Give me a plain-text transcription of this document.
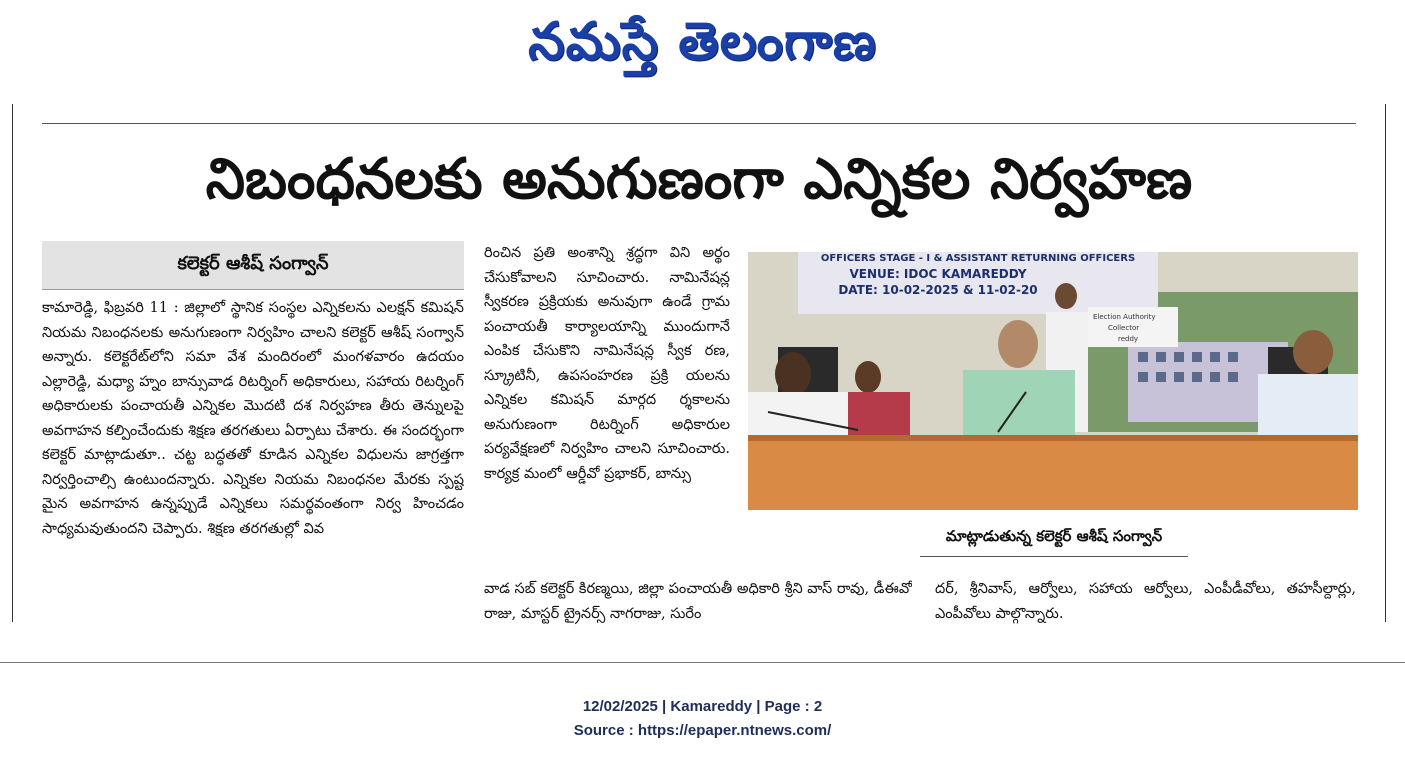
నమస్తే తెలంగాణ
నిబంధనలకు అనుగుణంగా ఎన్నికల నిర్వహణ
కలెక్టర్ ఆశీష్ సంగ్వాన్
కామారెడ్డి, ఫిబ్రవరి 11 : జిల్లాలో స్థానిక సంస్థల ఎన్నికలను ఎలక్షన్ కమిషన్ నియమ నిబంధనలకు అనుగుణంగా నిర్వహిం చాలని కలెక్టర్ ఆశీష్ సంగ్వాన్ అన్నారు. కలెక్టరేట్‌లోని సమా వేశ మందిరంలో మంగళవారం ఉదయం ఎల్లారెడ్డి, మధ్యా హ్నం బాన్సువాడ రిటర్నింగ్ అధికారులు, సహాయ రిటర్నింగ్ అధికారులకు పంచాయతీ ఎన్నికల మొదటి దశ నిర్వహణ తీరు తెన్నులపై అవగాహన కల్పించేందుకు శిక్షణ తరగతులు ఏర్పాటు చేశారు. ఈ సందర్భంగా కలెక్టర్ మాట్లాడుతూ.. చట్ట బద్ధతతో కూడిన ఎన్నికల విధులను జాగ్రత్తగా నిర్వర్తించాల్సి ఉంటుందన్నారు. ఎన్నికల నియమ నిబంధనల మేరకు స్పష్ట మైన అవగాహన ఉన్నప్పుడే ఎన్నికలు సమర్థవంతంగా నిర్వ హించడం సాధ్యమవుతుందని చెప్పారు. శిక్షణ తరగతుల్లో వివ
రించిన ప్రతి అంశాన్ని శ్రద్ధగా విని అర్థం చేసుకోవాలని సూచించారు. నామినేషన్ల స్వీకరణ ప్రక్రియకు అనువుగా ఉండే గ్రామ పంచాయతీ కార్యాలయాన్ని ముందుగానే ఎంపిక చేసుకొని నామినేషన్ల స్వీక రణ, స్క్రూటినీ, ఉపసంహరణ ప్రక్రి యలను ఎన్నికల కమిషన్ మార్గద ర్శకాలను అనుగుణంగా రిటర్నింగ్ అధికారుల పర్యవేక్షణలో నిర్వహిం చాలని సూచించారు. కార్యక్ర మంలో ఆర్డీవో ప్రభాకర్, బాన్సు
వాడ సబ్ కలెక్టర్ కిరణ్మయి, జిల్లా పంచాయతీ అధికారి శ్రీని వాస్ రావు, డీఈవో రాజు, మాస్టర్ ట్రైనర్స్ నాగరాజు, సురేం
దర్, శ్రీనివాస్, ఆర్వోలు, సహాయ ఆర్వోలు, ఎంపీడీవోలు, తహసీల్దార్లు, ఎంపీవోలు పాల్గొన్నారు.
OFFICERS STAGE - I & ASSISTANT RETURNING OFFICERS
VENUE: IDOC KAMAREDDY
DATE: 10-02-2025 & 11-02-20
Election Authority
Collector
reddy
మాట్లాడుతున్న కలెక్టర్ ఆశీష్ సంగ్వాన్
12/02/2025 | Kamareddy | Page : 2
Source : https://epaper.ntnews.com/
